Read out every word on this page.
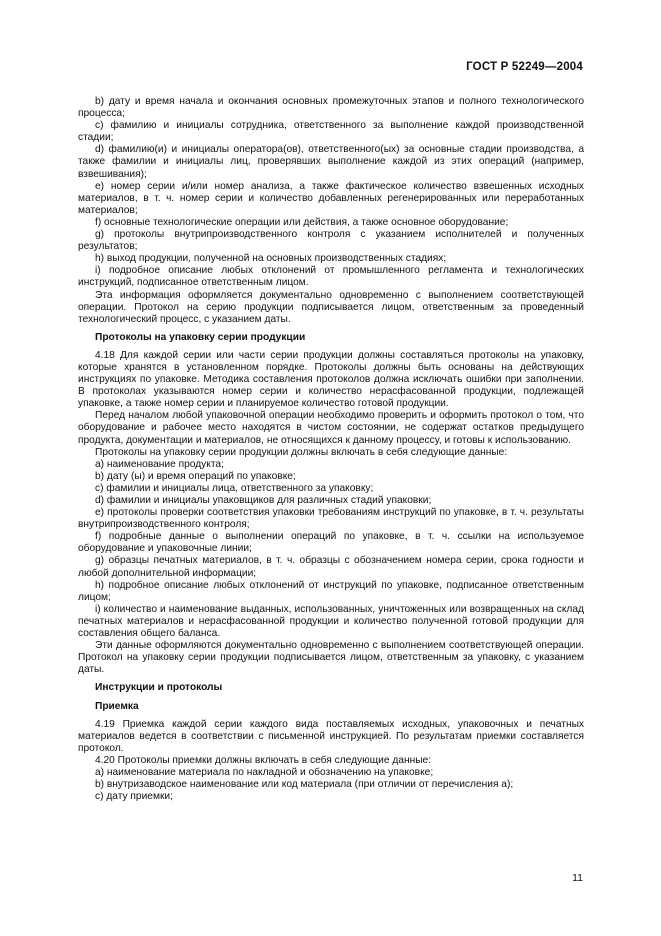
ГОСТ Р 52249—2004

b) дату и время начала и окончания основных промежуточных этапов и полного технологического процесса;

с) фамилию и инициалы сотрудника, ответственного за выполнение каждой производственной стадии;

d) фамилию(и) и инициалы оператора(ов), ответственного(ых) за основные стадии производства, а также фамилии и инициалы лиц, проверявших выполнение каждой из этих операций (например, взвешивания);

е) номер серии и/или номер анализа, а также фактическое количество взвешенных исходных материалов, в т. ч. номер серии и количество добавленных регенерированных или переработанных материалов;

f) основные технологические операции или действия, а также основное оборудование;

g) протоколы внутрипроизводственного контроля с указанием исполнителей и полученных результатов;

h) выход продукции, полученной на основных производственных стадиях;

i) подробное описание любых отклонений от промышленного регламента и технологических инструкций, подписанное ответственным лицом.

Эта информация оформляется документально одновременно с выполнением соответствующей операции. Протокол на серию продукции подписывается лицом, ответственным за проведенный технологический процесс, с указанием даты.

Протоколы на упаковку серии продукции

4.18 Для каждой серии или части серии продукции должны составляться протоколы на упаковку, которые хранятся в установленном порядке. Протоколы должны быть основаны на действующих инструкциях по упаковке. Методика составления протоколов должна исключать ошибки при заполнении. В протоколах указываются номер серии и количество нерасфасованной продукции, подлежащей упаковке, а также номер серии и планируемое количество готовой продукции.

Перед началом любой упаковочной операции необходимо проверить и оформить протокол о том, что оборудование и рабочее место находятся в чистом состоянии, не содержат остатков предыдущего продукта, документации и материалов, не относящихся к данному процессу, и готовы к использованию.

Протоколы на упаковку серии продукции должны включать в себя следующие данные:

a) наименование продукта;

b) дату (ы) и время операций по упаковке;

c) фамилии и инициалы лица, ответственного за упаковку;

d) фамилии и инициалы упаковщиков для различных стадий упаковки;

e) протоколы проверки соответствия упаковки требованиям инструкций по упаковке, в т. ч. результаты внутрипроизводственного контроля;

f) подробные данные о выполнении операций по упаковке, в т. ч. ссылки на используемое оборудование и упаковочные линии;

g) образцы печатных материалов, в т. ч. образцы с обозначением номера серии, срока годности и любой дополнительной информации;

h) подробное описание любых отклонений от инструкций по упаковке, подписанное ответственным лицом;

i) количество и наименование выданных, использованных, уничтоженных или возвращенных на склад печатных материалов и нерасфасованной продукции и количество полученной готовой продукции для составления общего баланса.

Эти данные оформляются документально одновременно с выполнением соответствующей операции. Протокол на упаковку серии продукции подписывается лицом, ответственным за упаковку, с указанием даты.

Инструкции и протоколы
Приемка

4.19 Приемка каждой серии каждого вида поставляемых исходных, упаковочных и печатных материалов ведется в соответствии с письменной инструкцией. По результатам приемки составляется протокол.

4.20 Протоколы приемки должны включать в себя следующие данные:

а) наименование материала по накладной и обозначению на упаковке;

b) внутризаводское наименование или код материала (при отличии от перечисления а);

с) дату приемки;

11
